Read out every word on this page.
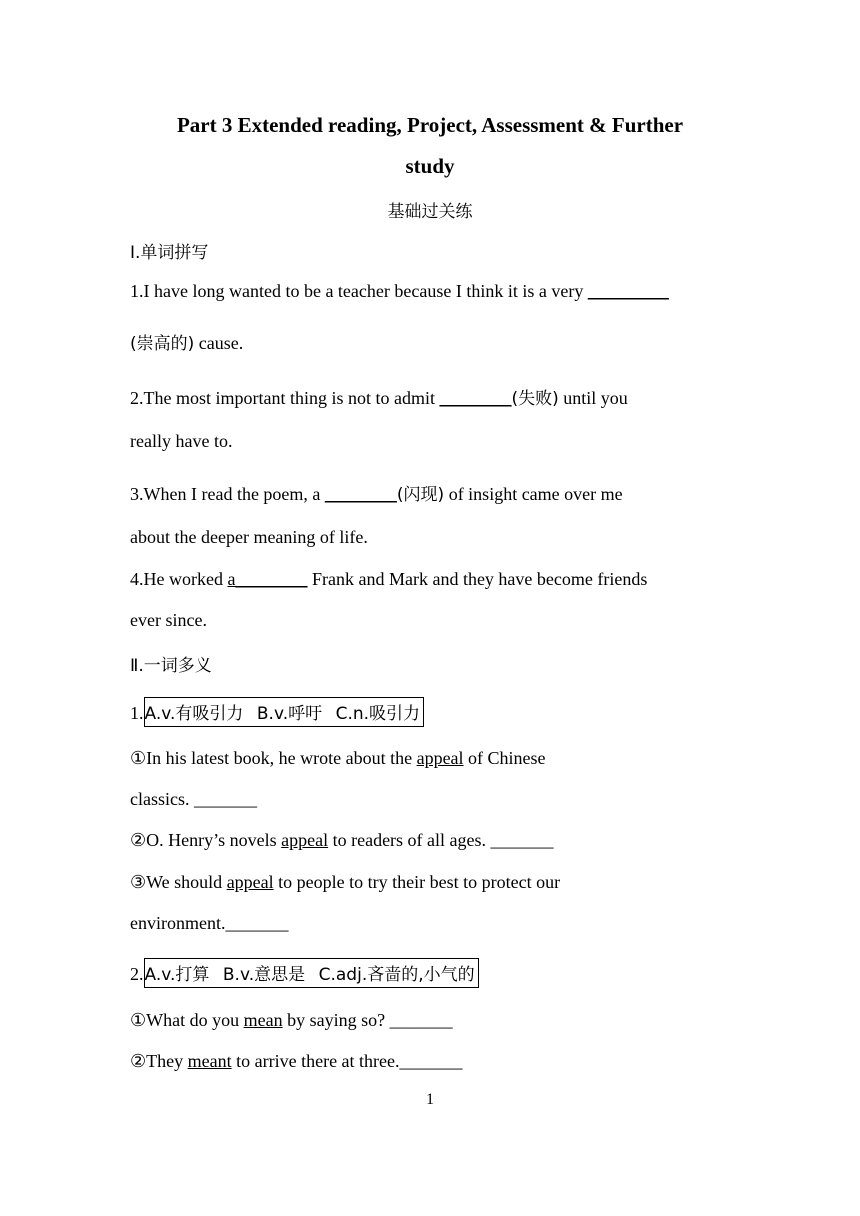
Part 3 Extended reading, Project, Assessment & Further
study
基础过关练
Ⅰ.单词拼写
1.I have long wanted to be a teacher because I think it is a very _________
(崇高的) cause.
2.The most important thing is not to admit ________(失败) until you
really have to.
3.When I read the poem, a ________(闪现) of insight came over me
about the deeper meaning of life.
4.He worked a________ Frank and Mark and they have become friends
ever since.
Ⅱ.一词多义
1.A.v.有吸引力 B.v.呼吁 C.n.吸引力
①In his latest book, he wrote about the appeal of Chinese
classics. _______
②O. Henry’s novels appeal to readers of all ages. _______
③We should appeal to people to try their best to protect our
environment._______
2.A.v.打算 B.v.意思是 C.adj.吝啬的,小气的
①What do you mean by saying so? _______
②They meant to arrive there at three._______
1
